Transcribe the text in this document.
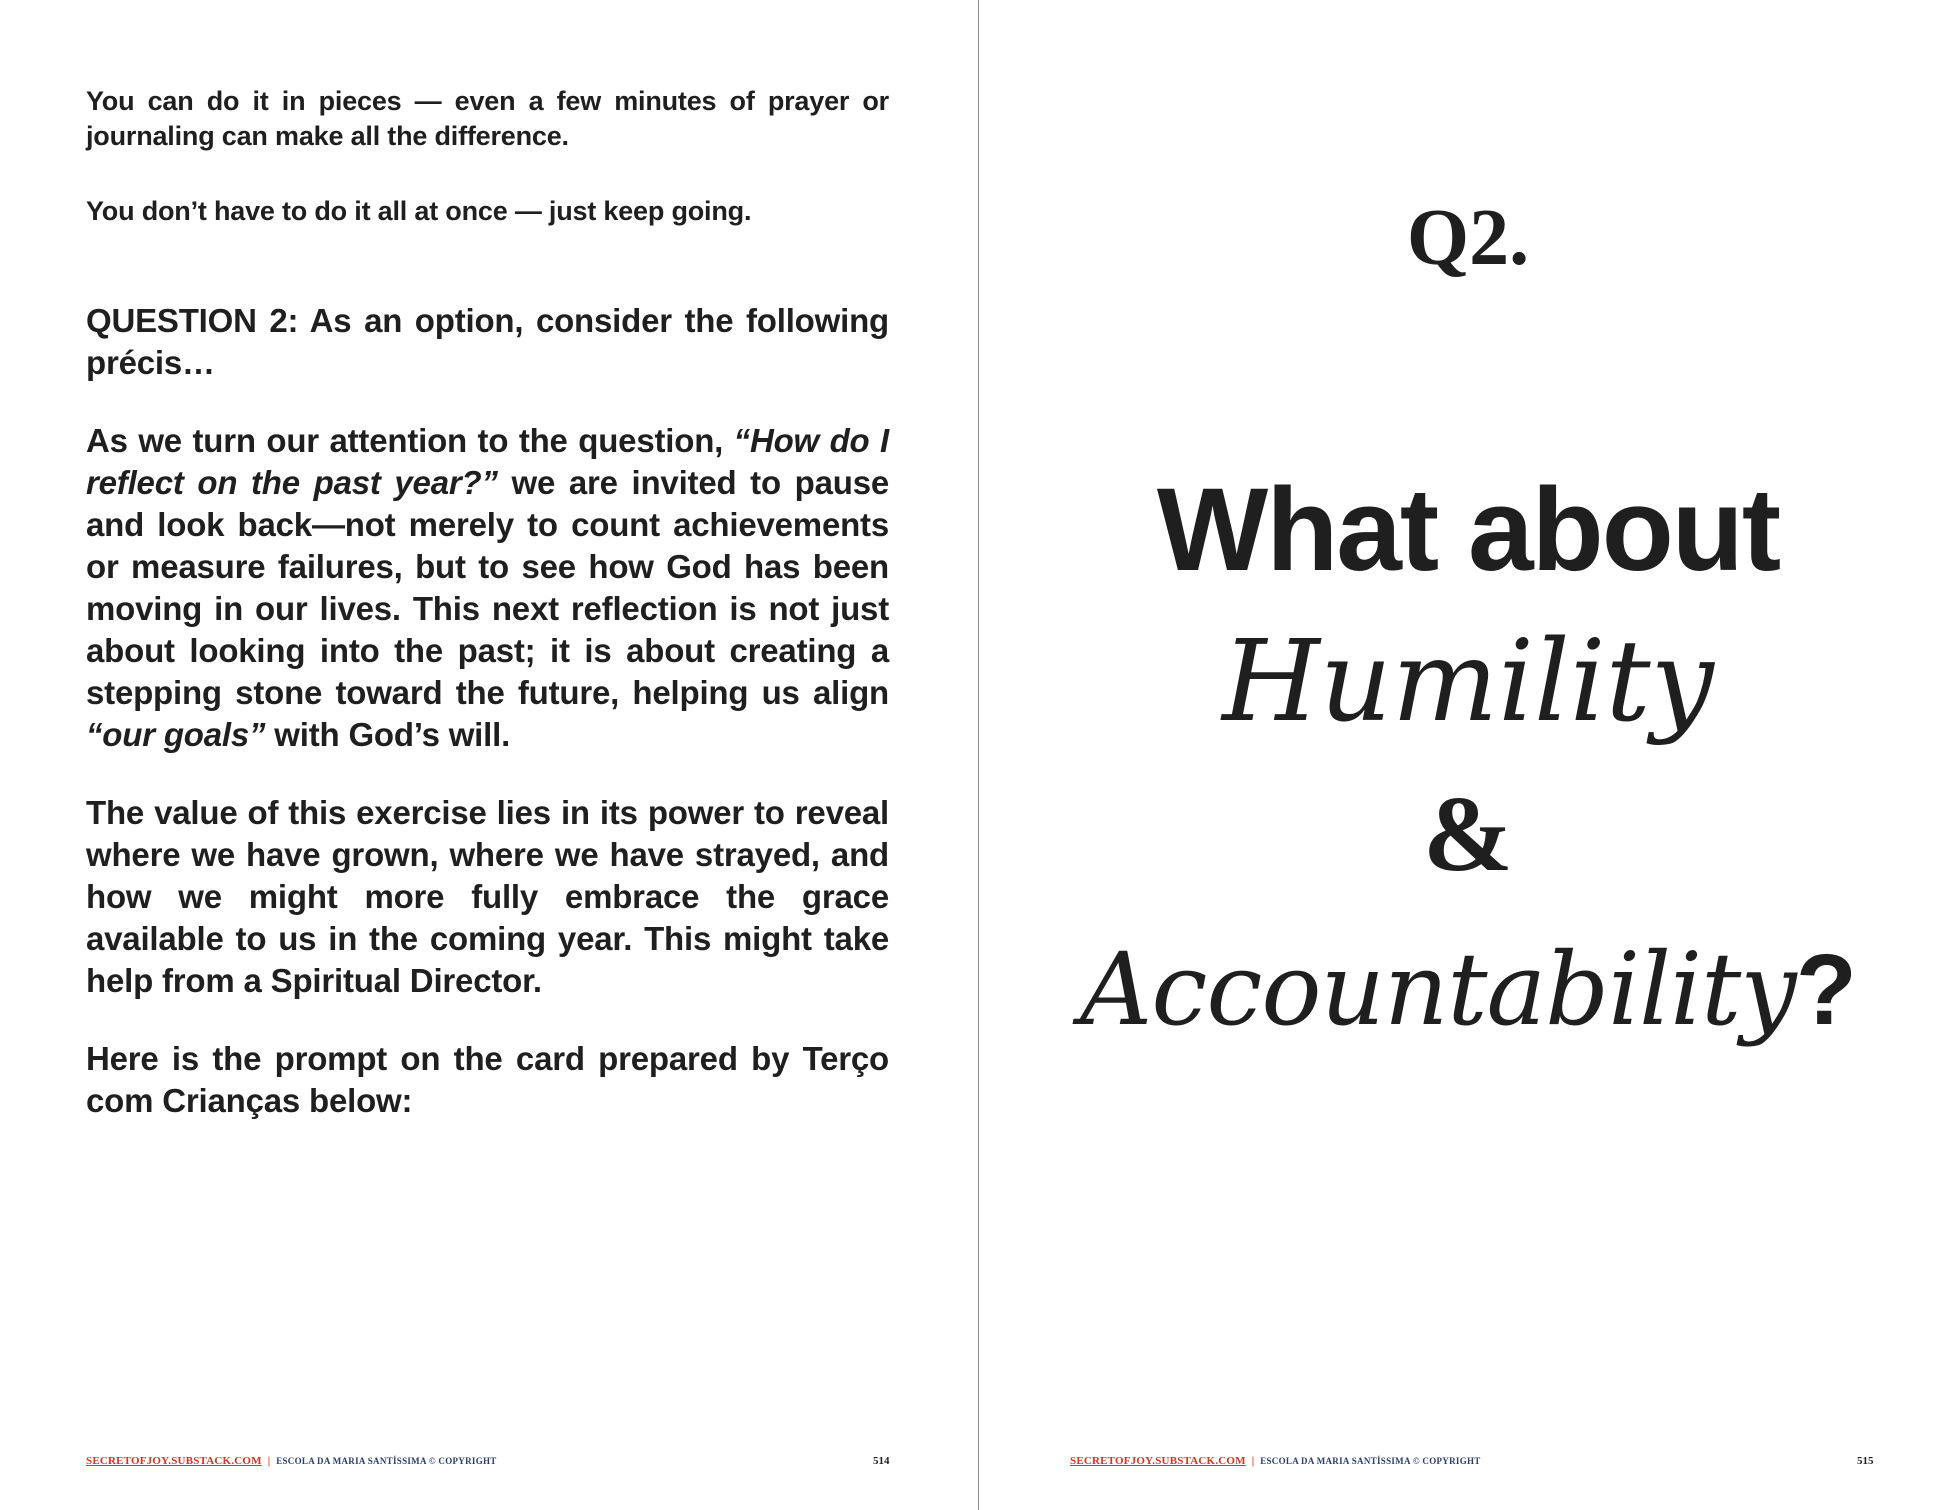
You can do it in pieces — even a few minutes of prayer or journaling can make all the difference.

You don’t have to do it all at once — just keep going.

QUESTION 2: As an option, consider the following précis…

As we turn our attention to the question, “How do I reflect on the past year?” we are invited to pause and look back—not merely to count achievements or measure failures, but to see how God has been moving in our lives. This next reflection is not just about looking into the past; it is about creating a stepping stone toward the future, helping us align “our goals” with God’s will.

The value of this exercise lies in its power to reveal where we have grown, where we have strayed, and how we might more fully embrace the grace available to us in the coming year. This might take help from a Spiritual Director.

Here is the prompt on the card prepared by Terço com Crianças below:

SECRETOFJOY.SUBSTACK.COM | ESCOLA DA MARIA SANTÍSSIMA © COPYRIGHT	514
Q2.
What about
Humility
&
Accountability?
SECRETOFJOY.SUBSTACK.COM | ESCOLA DA MARIA SANTÍSSIMA © COPYRIGHT	515
